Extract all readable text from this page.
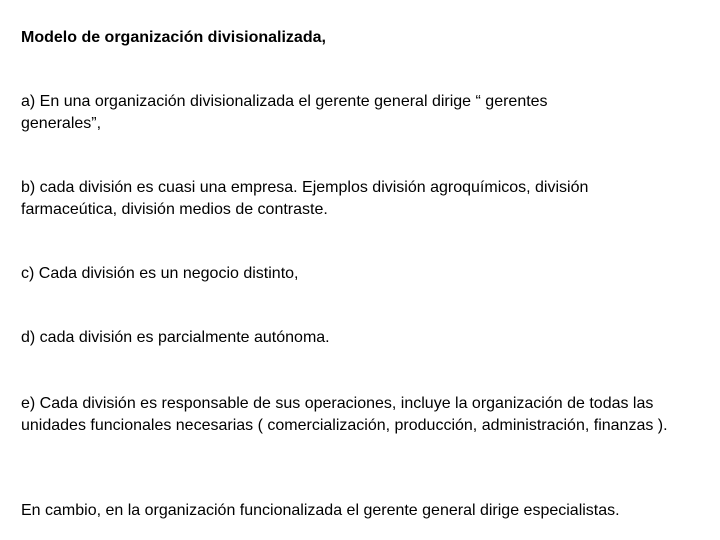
Modelo de organización divisionalizada,

a) En una organización divisionalizada el gerente general dirige “ gerentes generales”,

b) cada división es cuasi una empresa. Ejemplos división agroquímicos, división farmaceútica, división medios de contraste.

c) Cada división es un negocio distinto,

d) cada división es parcialmente autónoma.

e) Cada división es responsable de sus operaciones, incluye la organización de todas las unidades funcionales necesarias ( comercialización, producción, administración, finanzas ).

En cambio, en la organización funcionalizada el gerente general dirige especialistas.
